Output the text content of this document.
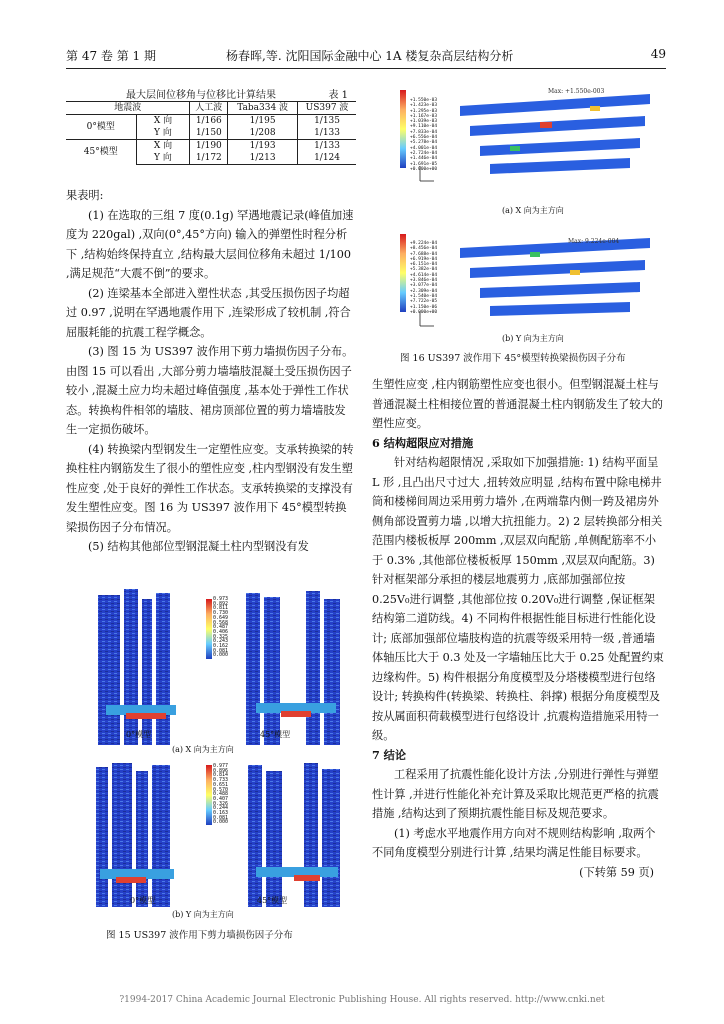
第 47 卷 第 1 期	杨春晖,等. 沈阳国际金融中心 1A 楼复杂高层结构分析	49
最大层间位移角与位移比计算结果	表 1
地震波		人工波	Taba334 波	US397 波
0°模型	X 向	1/166	1/195	1/135
	Y 向	1/150	1/208	1/133
45°模型	X 向	1/190	1/193	1/133
	Y 向	1/172	1/213	1/124

果表明:

(1) 在选取的三组 7 度(0.1g) 罕遇地震记录(峰值加速度为 220gal) ,双向(0°,45°方向) 输入的弹塑性时程分析下 ,结构始终保持直立 ,结构最大层间位移角未超过 1/100 ,满足规范“大震不倒”的要求。

(2) 连梁基本全部进入塑性状态 ,其受压损伤因子均超过 0.97 ,说明在罕遇地震作用下 ,连梁形成了较机制 ,符合屈服耗能的抗震工程学概念。

(3) 图 15 为 US397 波作用下剪力墙损伤因子分布。由图 15 可以看出 ,大部分剪力墙墙肢混凝土受压损伤因子较小 ,混凝土应力均未超过峰值强度 ,基本处于弹性工作状态。转换构件相邻的墙肢、裙房顶部位置的剪力墙墙肢发生一定损伤破坏。

(4) 转换梁内型钢发生一定塑性应变。支承转换梁的转换柱柱内钢筋发生了很小的塑性应变 ,柱内型钢没有发生塑性应变 ,处于良好的弹性工作状态。支承转换梁的支撑没有发生塑性应变。图 16 为 US397 波作用下 45°模型转换梁损伤因子分布情况。

(5) 结构其他部位型钢混凝土柱内型钢没有发

0.973
0.892
0.811
0.730
0.649
0.568
0.487
0.406
0.325
0.243
0.162
0.081
0.000
0.977
0.896
0.814
0.733
0.651
0.570
0.488
0.407
0.326
0.244
0.163
0.081
0.000
0°模型	45°模型
(a) X 向为主方向
0°模型	45°模型
(b) Y 向为主方向
图 15 US397 波作用下剪力墙损伤因子分布
Max: +1.550e-003
+1.550e-03
+1.423e-03
+1.295e-03
+1.167e-03
+1.039e-03
+9.110e-04
+7.833e-04
+6.556e-04
+5.278e-04
+4.001e-04
+2.724e-04
+1.446e-04
+1.691e-05
+0.000e+00
(a) X 向为主方向
Max: 9.224e-004
+9.224e-04
+8.456e-04
+7.688e-04
+6.919e-04
+6.151e-04
+5.382e-04
+4.614e-04
+3.846e-04
+3.077e-04
+2.309e-04
+1.540e-04
+7.722e-05
+1.150e-06
+0.000e+00
(b) Y 向为主方向
图 16 US397 波作用下 45°模型转换梁损伤因子分布

生塑性应变 ,柱内钢筋塑性应变也很小。但型钢混凝土柱与普通混凝土柱相接位置的普通混凝土柱内钢筋发生了较大的塑性应变。

6 结构超限应对措施

针对结构超限情况 ,采取如下加强措施: 1) 结构平面呈 L 形 ,且凸出尺寸过大 ,扭转效应明显 ,结构布置中除电梯井筒和楼梯间周边采用剪力墙外 ,在两端靠内侧一跨及裙房外侧角部设置剪力墙 ,以增大抗扭能力。2) 2 层转换部分相关范围内楼板板厚 200mm ,双层双向配筋 ,单侧配筋率不小于 0.3% ,其他部位楼板板厚 150mm ,双层双向配筋。3) 针对框架部分承担的楼层地震剪力 ,底部加强部位按 0.25V₀进行调整 ,其他部位按 0.20V₀进行调整 ,保证框架结构第二道防线。4) 不同构件根据性能目标进行性能化设计; 底部加强部位墙肢构造的抗震等级采用特一级 ,普通墙体轴压比大于 0.3 处及一字墙轴压比大于 0.25 处配置约束边缘构件。5) 构件根据分角度模型及分塔楼模型进行包络设计; 转换构件(转换梁、转换柱、斜撑) 根据分角度模型及按从属面积荷载模型进行包络设计 ,抗震构造措施采用特一级。

7 结论

工程采用了抗震性能化设计方法 ,分别进行弹性与弹塑性计算 ,并进行性能化补充计算及采取比规范更严格的抗震措施 ,结构达到了预期抗震性能目标及规范要求。

(1) 考虑水平地震作用方向对不规则结构影响 ,取两个不同角度模型分别进行计算 ,结果均满足性能目标要求。

(下转第 59 页)

?1994-2017 China Academic Journal Electronic Publishing House. All rights reserved. http://www.cnki.net
